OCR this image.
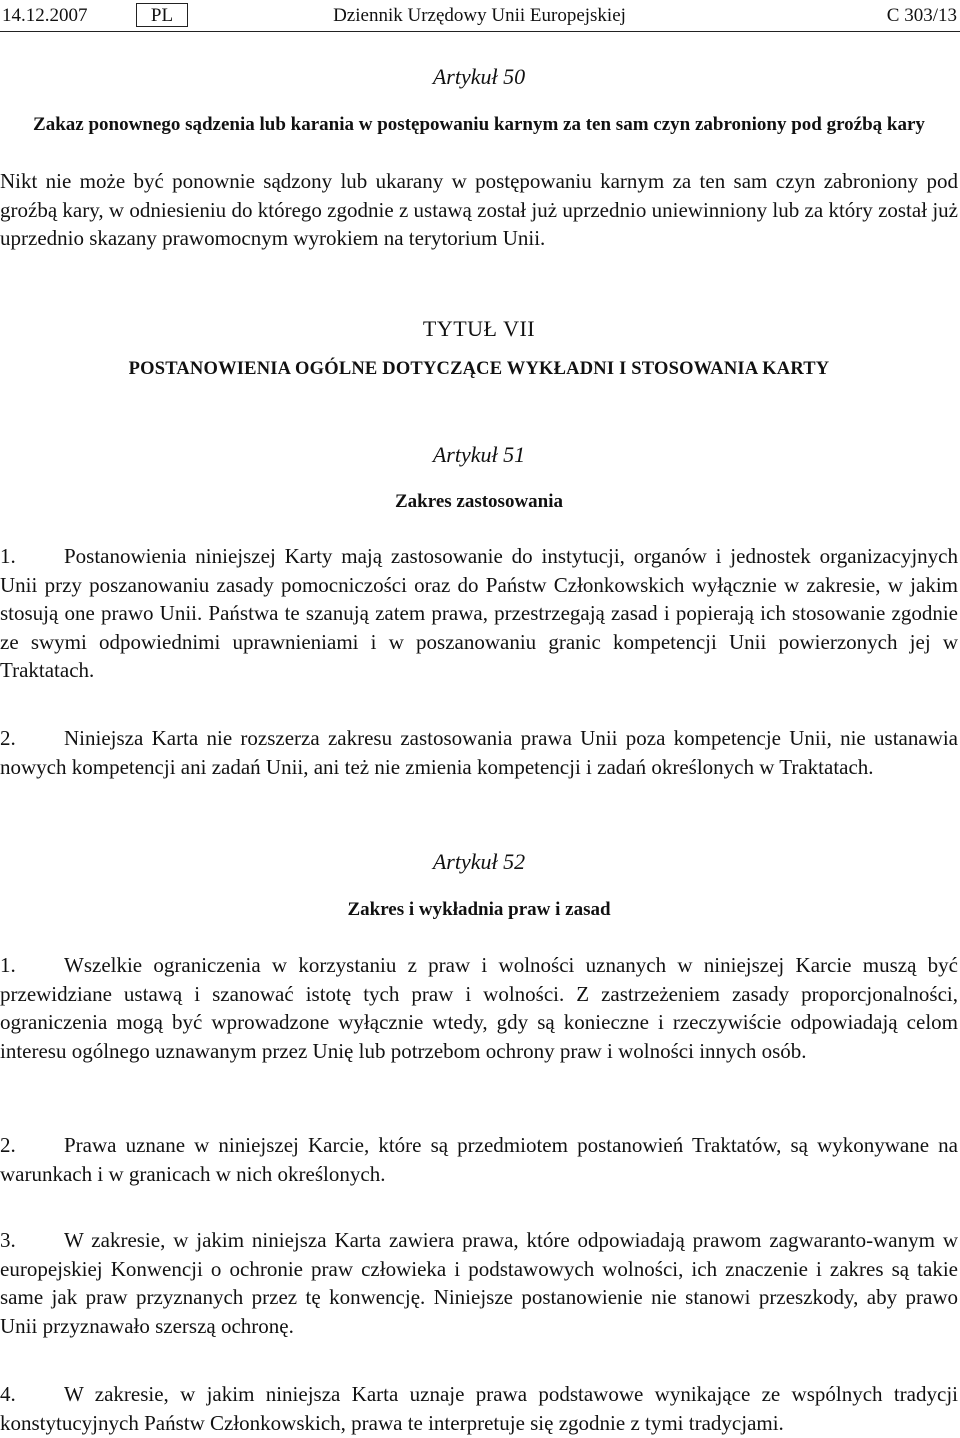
14.12.2007	Dziennik Urzędowy Unii Europejskiej
PL	C 303/13
Artykuł 50
Zakaz ponownego sądzenia lub karania w postępowaniu karnym za ten sam czyn zabroniony pod groźbą kary
Nikt nie może być ponownie sądzony lub ukarany w postępowaniu karnym za ten sam czyn zabroniony pod groźbą kary, w odniesieniu do którego zgodnie z ustawą został już uprzednio uniewinniony lub za który został już uprzednio skazany prawomocnym wyrokiem na terytorium Unii.
TYTUŁ VII
POSTANOWIENIA OGÓLNE DOTYCZĄCE WYKŁADNI I STOSOWANIA KARTY
Artykuł 51
Zakres zastosowania
1. Postanowienia niniejszej Karty mają zastosowanie do instytucji, organów i jednostek organizacyjnych Unii przy poszanowaniu zasady pomocniczości oraz do Państw Członkowskich wyłącznie w zakresie, w jakim stosują one prawo Unii. Państwa te szanują zatem prawa, przestrzegają zasad i popierają ich stosowanie zgodnie ze swymi odpowiednimi uprawnieniami i w poszanowaniu granic kompetencji Unii powierzonych jej w Traktatach.
2. Niniejsza Karta nie rozszerza zakresu zastosowania prawa Unii poza kompetencje Unii, nie ustanawia nowych kompetencji ani zadań Unii, ani też nie zmienia kompetencji i zadań określonych w Traktatach.
Artykuł 52
Zakres i wykładnia praw i zasad
1. Wszelkie ograniczenia w korzystaniu z praw i wolności uznanych w niniejszej Karcie muszą być przewidziane ustawą i szanować istotę tych praw i wolności. Z zastrzeżeniem zasady proporcjonalności, ograniczenia mogą być wprowadzone wyłącznie wtedy, gdy są konieczne i rzeczywiście odpowiadają celom interesu ogólnego uznawanym przez Unię lub potrzebom ochrony praw i wolności innych osób.
2. Prawa uznane w niniejszej Karcie, które są przedmiotem postanowień Traktatów, są wykonywane na warunkach i w granicach w nich określonych.
3. W zakresie, w jakim niniejsza Karta zawiera prawa, które odpowiadają prawom zagwaranto-wanym w europejskiej Konwencji o ochronie praw człowieka i podstawowych wolności, ich znaczenie i zakres są takie same jak praw przyznanych przez tę konwencję. Niniejsze postanowienie nie stanowi przeszkody, aby prawo Unii przyznawało szerszą ochronę.
4. W zakresie, w jakim niniejsza Karta uznaje prawa podstawowe wynikające ze wspólnych tradycji konstytucyjnych Państw Członkowskich, prawa te interpretuje się zgodnie z tymi tradycjami.
